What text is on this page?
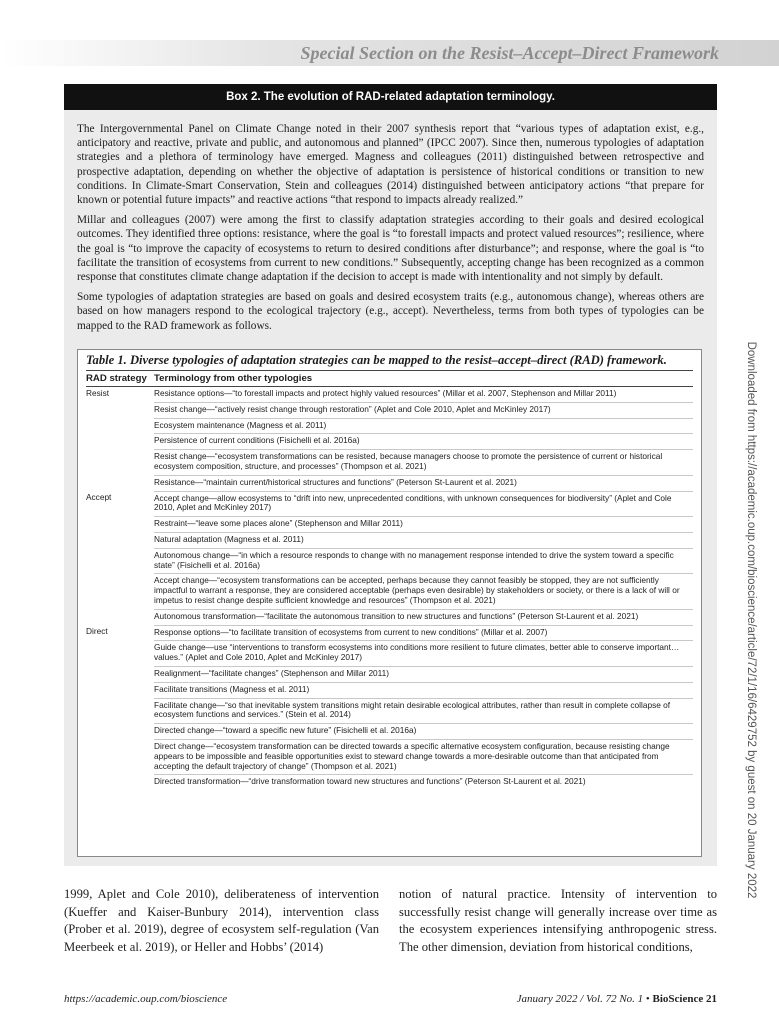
Special Section on the Resist–Accept–Direct Framework
Downloaded from https://academic.oup.com/bioscience/article/72/1/16/6429752 by guest on 20 January 2022
Box 2. The evolution of RAD-related adaptation terminology.

The Intergovernmental Panel on Climate Change noted in their 2007 synthesis report that “various types of adaptation exist, e.g., anticipatory and reactive, private and public, and autonomous and planned” (IPCC 2007). Since then, numerous typologies of adaptation strategies and a plethora of terminology have emerged. Magness and colleagues (2011) distinguished between retrospective and prospective adaptation, depending on whether the objective of adaptation is persistence of historical conditions or transition to new conditions. In Climate-Smart Conservation, Stein and colleagues (2014) distinguished between anticipatory actions “that prepare for known or potential future impacts” and reactive actions “that respond to impacts already realized.”

Millar and colleagues (2007) were among the first to classify adaptation strategies according to their goals and desired ecological outcomes. They identified three options: resistance, where the goal is “to forestall impacts and protect valued resources”; resilience, where the goal is “to improve the capacity of ecosystems to return to desired conditions after disturbance”; and response, where the goal is “to facilitate the transition of ecosystems from current to new conditions.” Subsequently, accepting change has been recognized as a common response that constitutes climate change adaptation if the decision to accept is made with intentionality and not simply by default.

Some typologies of adaptation strategies are based on goals and desired ecosystem traits (e.g., autonomous change), whereas others are based on how managers respond to the ecological trajectory (e.g., accept). Nevertheless, terms from both types of typologies can be mapped to the RAD framework as follows.

Table 1. Diverse typologies of adaptation strategies can be mapped to the resist–accept–direct (RAD) framework.
RAD strategy	Terminology from other typologies
Resist	Resistance options—“to forestall impacts and protect highly valued resources” (Millar et al. 2007, Stephenson and Millar 2011)
	Resist change—“actively resist change through restoration” (Aplet and Cole 2010, Aplet and McKinley 2017)
	Ecosystem maintenance (Magness et al. 2011)
	Persistence of current conditions (Fisichelli et al. 2016a)
	Resist change—“ecosystem transformations can be resisted, because managers choose to promote the persistence of current or historical ecosystem composition, structure, and processes” (Thompson et al. 2021)
	Resistance—“maintain current/historical structures and functions” (Peterson St-Laurent et al. 2021)
Accept	Accept change—allow ecosystems to “drift into new, unprecedented conditions, with unknown consequences for biodiversity” (Aplet and Cole 2010, Aplet and McKinley 2017)
	Restraint—“leave some places alone” (Stephenson and Millar 2011)
	Natural adaptation (Magness et al. 2011)
	Autonomous change—“in which a resource responds to change with no management response intended to drive the system toward a specific state” (Fisichelli et al. 2016a)
	Accept change—“ecosystem transformations can be accepted, perhaps because they cannot feasibly be stopped, they are not sufficiently impactful to warrant a response, they are considered acceptable (perhaps even desirable) by stakeholders or society, or there is a lack of will or impetus to resist change despite sufficient knowledge and resources” (Thompson et al. 2021)
	Autonomous transformation—“facilitate the autonomous transition to new structures and functions” (Peterson St-Laurent et al. 2021)
Direct	Response options—“to facilitate transition of ecosystems from current to new conditions” (Millar et al. 2007)
	Guide change—use “interventions to transform ecosystems into conditions more resilient to future climates, better able to conserve important… values.” (Aplet and Cole 2010, Aplet and McKinley 2017)
	Realignment—“facilitate changes” (Stephenson and Millar 2011)
	Facilitate transitions (Magness et al. 2011)
	Facilitate change—“so that inevitable system transitions might retain desirable ecological attributes, rather than result in complete collapse of ecosystem functions and services.” (Stein et al. 2014)
	Directed change—“toward a specific new future” (Fisichelli et al. 2016a)
	Direct change—“ecosystem transformation can be directed towards a specific alternative ecosystem configuration, because resisting change appears to be impossible and feasible opportunities exist to steward change towards a more-desirable outcome than that anticipated from accepting the default trajectory of change” (Thompson et al. 2021)
	Directed transformation—“drive transformation toward new structures and functions” (Peterson St-Laurent et al. 2021)
1999, Aplet and Cole 2010), deliberateness of intervention (Kueffer and Kaiser-Bunbury 2014), intervention class (Prober et al. 2019), degree of ecosystem self-regulation (Van Meerbeek et al. 2019), or Heller and Hobbs’ (2014)
notion of natural practice. Intensity of intervention to successfully resist change will generally increase over time as the ecosystem experiences intensifying anthropogenic stress. The other dimension, deviation from historical conditions,
https://academic.oup.com/bioscience	January 2022 / Vol. 72 No. 1 • BioScience 21
